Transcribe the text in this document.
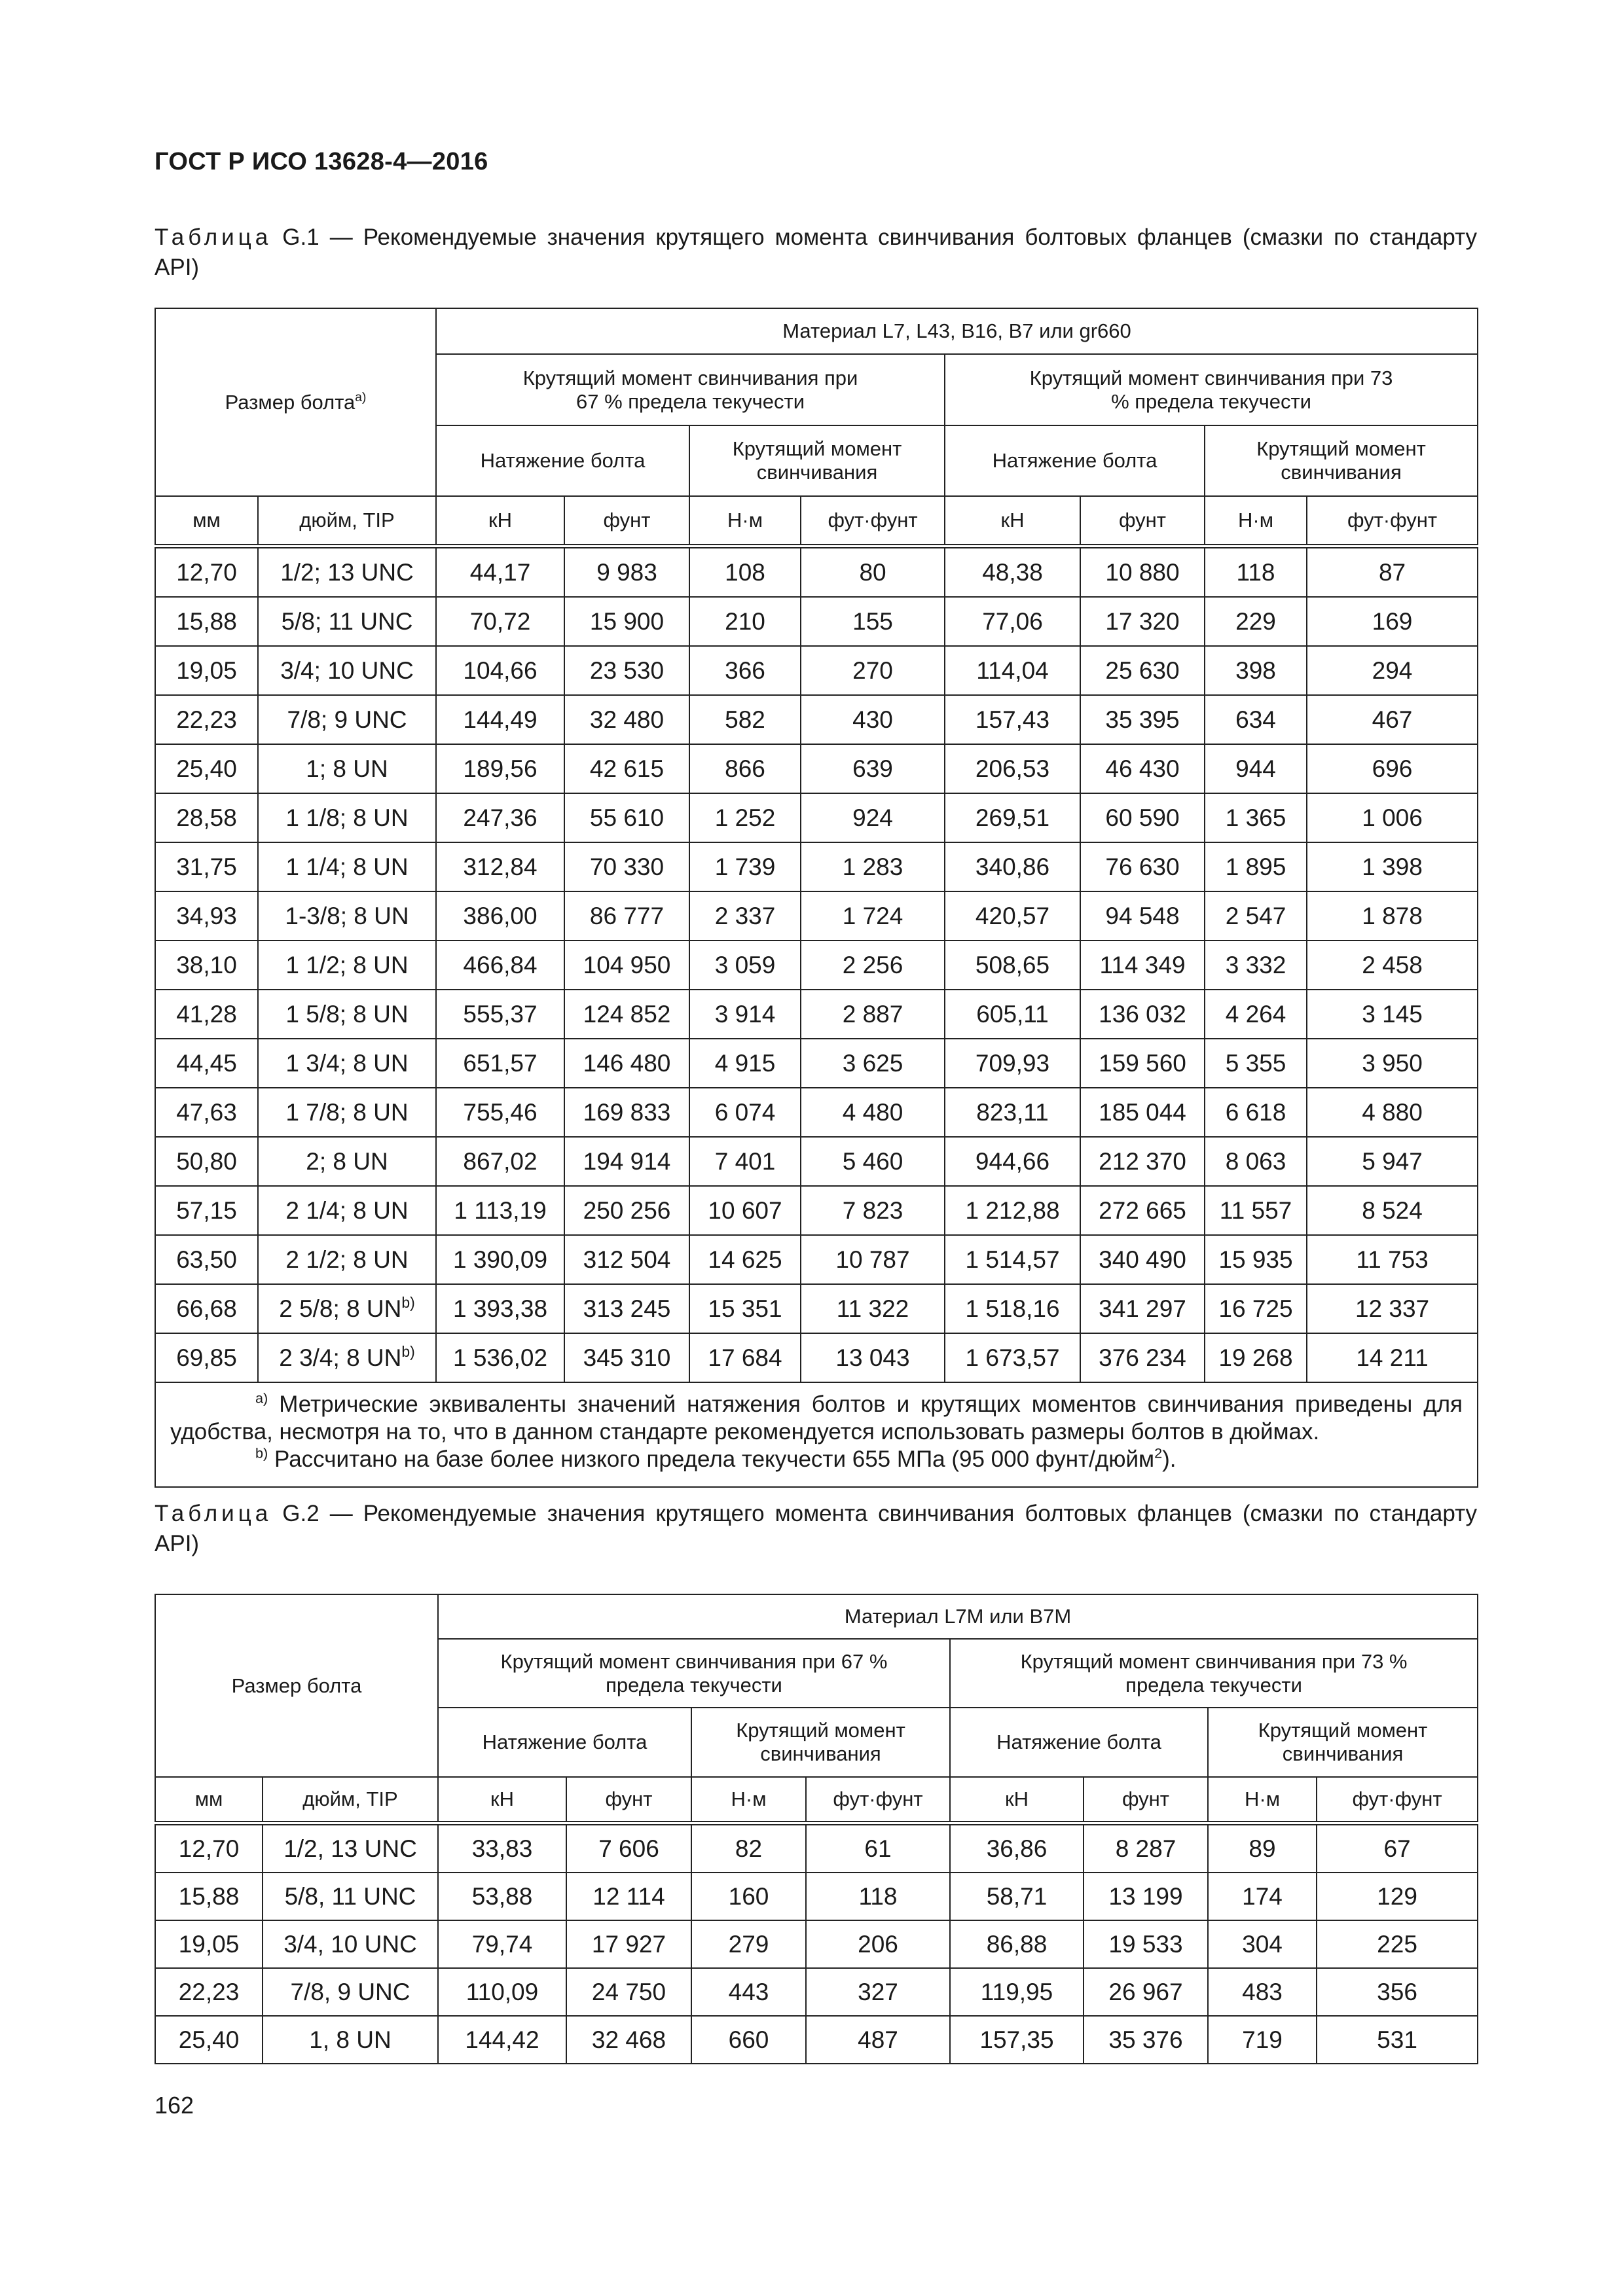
ГОСТ Р ИСО 13628-4—2016
Таблица G.1 — Рекомендуемые значения крутящего момента свинчивания болтовых фланцев (смазки по стандарту API)
Размер болта$^{a)}$		Материал L7, L43, B16, B7 или gr660							
		Крутящий момент свинчивания при 67 % предела текучести				Крутящий момент свинчивания при 73 % предела текучести			
		Натяжение болта		Крутящий момент свинчивания		Натяжение болта		Крутящий момент свинчивания	
мм	дюйм, TIP	кН	фунт	Н·м	фут·фунт	кН	фунт	Н·м	фут·фунт
12,70	1/2; 13 UNC	44,17	9 983	108	80	48,38	10 880	118	87
15,88	5/8; 11 UNC	70,72	15 900	210	155	77,06	17 320	229	169
19,05	3/4; 10 UNC	104,66	23 530	366	270	114,04	25 630	398	294
22,23	7/8; 9 UNC	144,49	32 480	582	430	157,43	35 395	634	467
25,40	1; 8 UN	189,56	42 615	866	639	206,53	46 430	944	696
28,58	1 1/8; 8 UN	247,36	55 610	1 252	924	269,51	60 590	1 365	1 006
31,75	1 1/4; 8 UN	312,84	70 330	1 739	1 283	340,86	76 630	1 895	1 398
34,93	1-3/8; 8 UN	386,00	86 777	2 337	1 724	420,57	94 548	2 547	1 878
38,10	1 1/2; 8 UN	466,84	104 950	3 059	2 256	508,65	114 349	3 332	2 458
41,28	1 5/8; 8 UN	555,37	124 852	3 914	2 887	605,11	136 032	4 264	3 145
44,45	1 3/4; 8 UN	651,57	146 480	4 915	3 625	709,93	159 560	5 355	3 950
47,63	1 7/8; 8 UN	755,46	169 833	6 074	4 480	823,11	185 044	6 618	4 880
50,80	2; 8 UN	867,02	194 914	7 401	5 460	944,66	212 370	8 063	5 947
57,15	2 1/4; 8 UN	1 113,19	250 256	10 607	7 823	1 212,88	272 665	11 557	8 524
63,50	2 1/2; 8 UN	1 390,09	312 504	14 625	10 787	1 514,57	340 490	15 935	11 753
66,68	2 5/8; 8 UN$^{b)}$	1 393,38	313 245	15 351	11 322	1 518,16	341 297	16 725	12 337
69,85	2 3/4; 8 UN$^{b)}$	1 536,02	345 310	17 684	13 043	1 673,57	376 234	19 268	14 211

$^{a)}$ Метрические эквиваленты значений натяжения болтов и крутящих моментов свинчивания приведены для удобства, несмотря на то, что в данном стандарте рекомендуется использовать размеры болтов в дюймах.
$^{b)}$ Рассчитано на базе более низкого предела текучести 655 МПа (95 000 фунт/дюйм$^2$).									
Таблица G.2 — Рекомендуемые значения крутящего момента свинчивания болтовых фланцев (смазки по стандарту API)
Размер болта		Материал L7M или B7M							
		Крутящий момент свинчивания при 67 % предела текучести				Крутящий момент свинчивания при 73 % предела текучести			
		Натяжение болта		Крутящий момент свинчивания		Натяжение болта		Крутящий момент свинчивания	
мм	дюйм, TIP	кН	фунт	Н·м	фут·фунт	кН	фунт	Н·м	фут·фунт
12,70	1/2, 13 UNC	33,83	7 606	82	61	36,86	8 287	89	67
15,88	5/8, 11 UNC	53,88	12 114	160	118	58,71	13 199	174	129
19,05	3/4, 10 UNC	79,74	17 927	279	206	86,88	19 533	304	225
22,23	7/8, 9 UNC	110,09	24 750	443	327	119,95	26 967	483	356
25,40	1, 8 UN	144,42	32 468	660	487	157,35	35 376	719	531
162
